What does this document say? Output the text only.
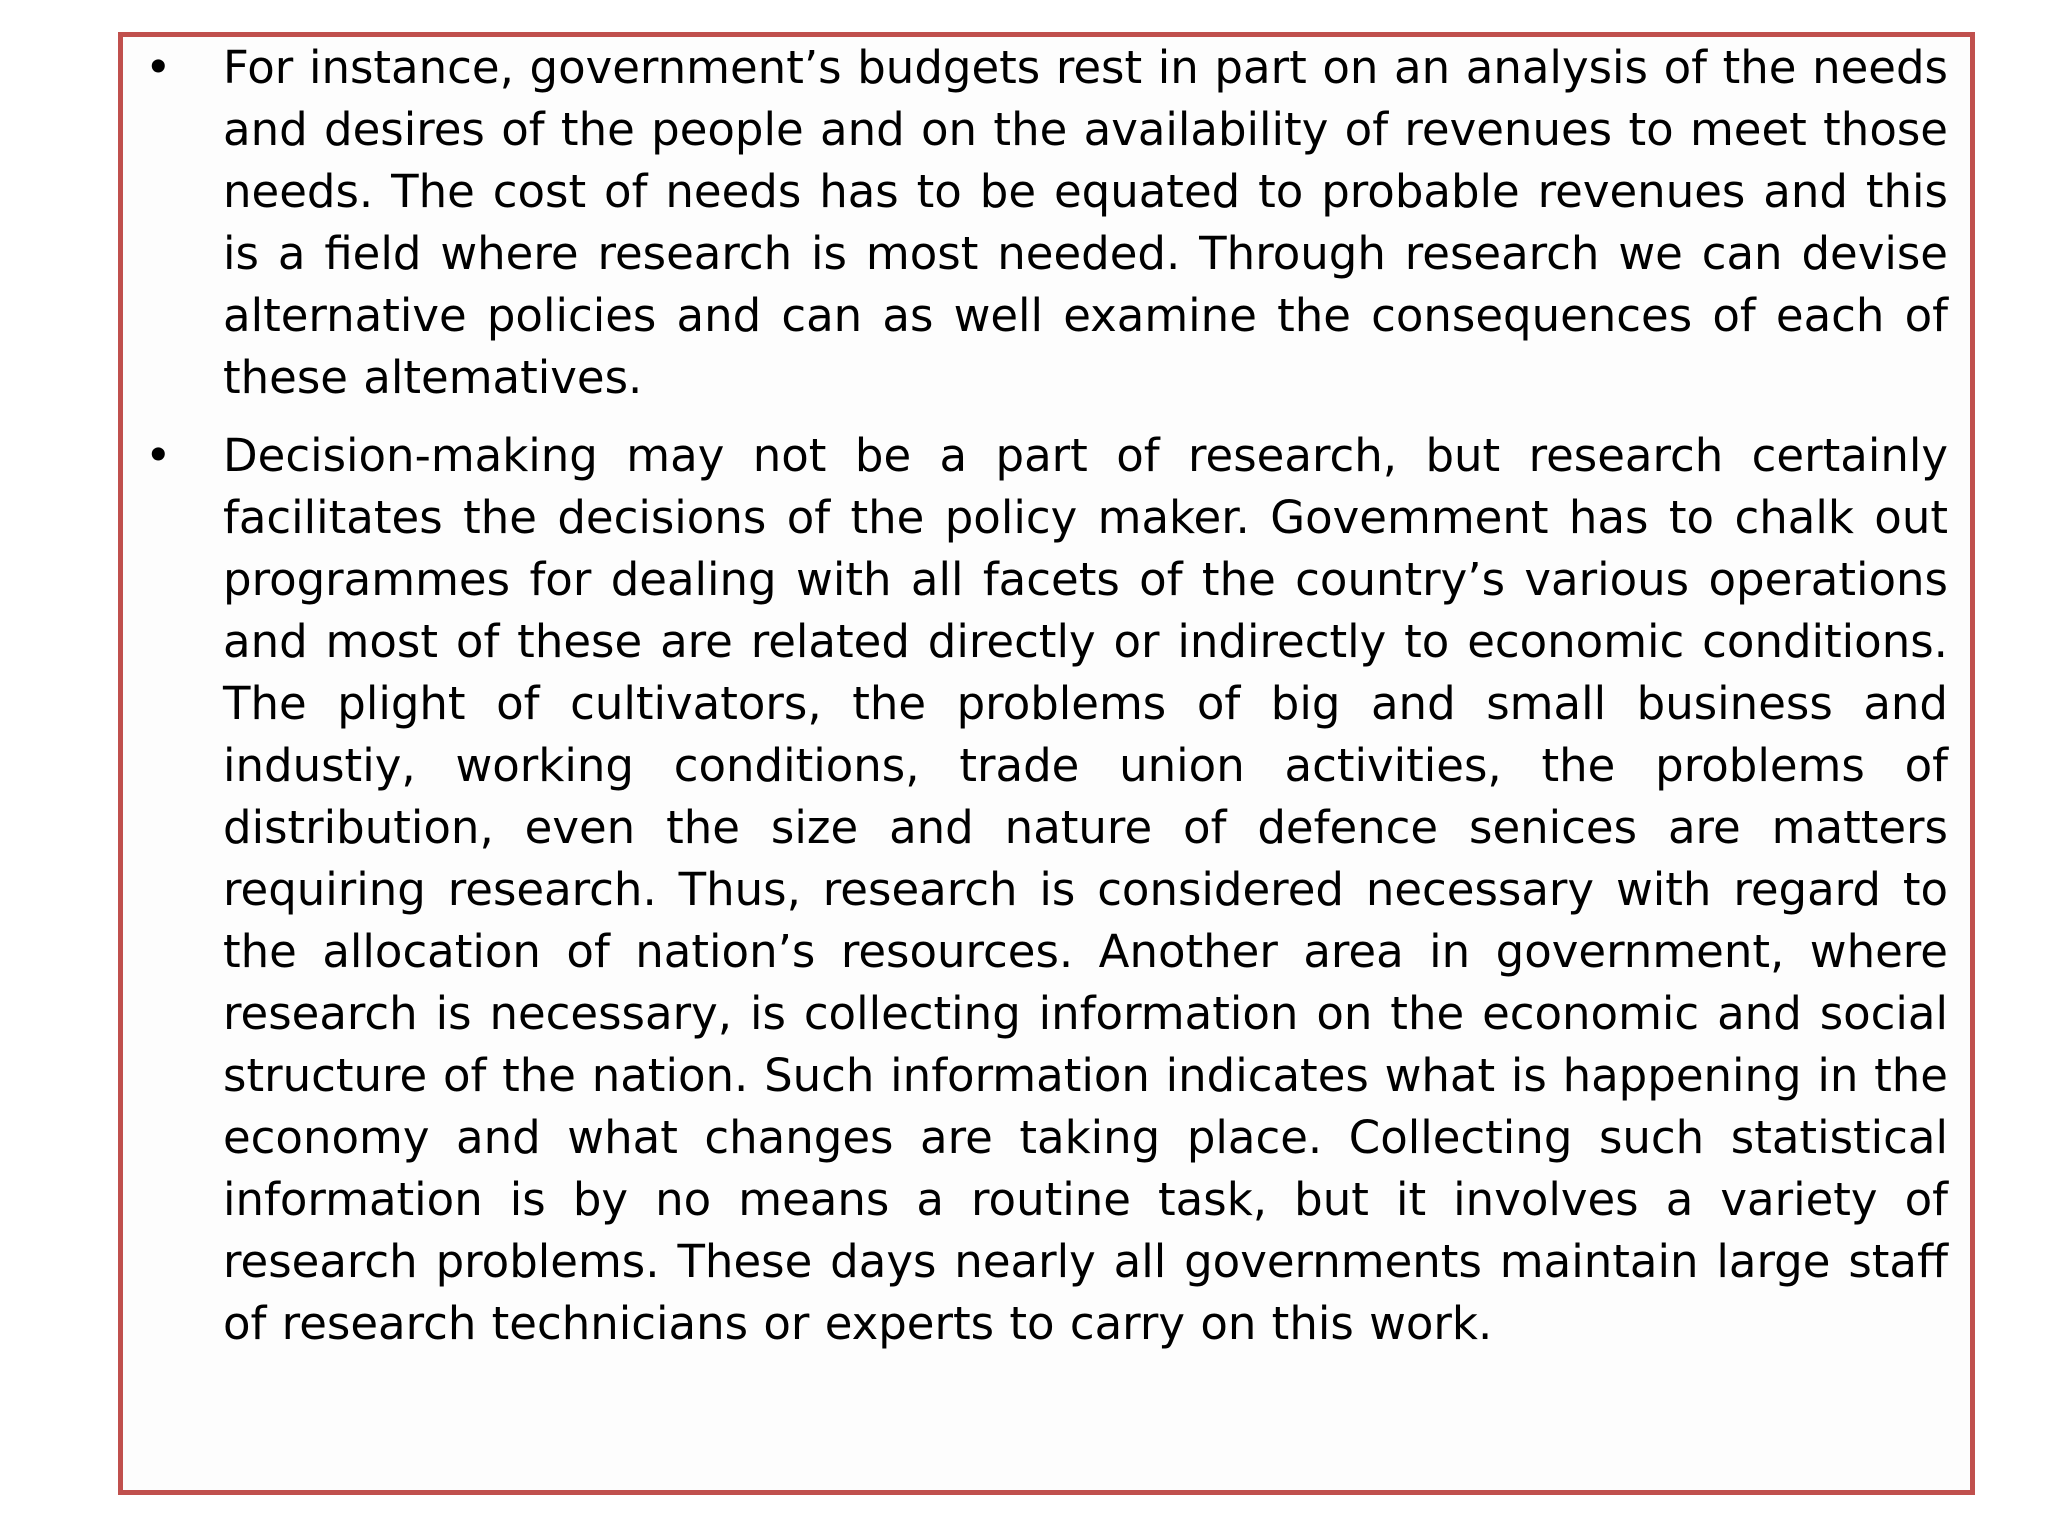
• For instance, government’s budgets rest in part on an analysis of the needs and desires of the people and on the availability of revenues to meet those needs. The cost of needs has to be equated to probable revenues and this is a field where research is most needed. Through research we can devise alternative policies and can as well examine the consequences of each of these altematives.
• Decision-making may not be a part of research, but research certainly facilitates the decisions of the policy maker. Govemment has to chalk out programmes for dealing with all facets of the country’s various operations and most of these are related directly or indirectly to economic conditions. The plight of cultivators, the problems of big and small business and industiy, working conditions, trade union activities, the problems of distribution, even the size and nature of defence senices are matters requiring research. Thus, research is considered necessary with regard to the allocation of nation’s resources. Another area in government, where research is necessary, is collecting information on the economic and social structure of the nation. Such information indicates what is happening in the economy and what changes are taking place. Collecting such statistical information is by no means a routine task, but it involves a variety of research problems. These days nearly all governments maintain large staff of research technicians or experts to carry on this work.
